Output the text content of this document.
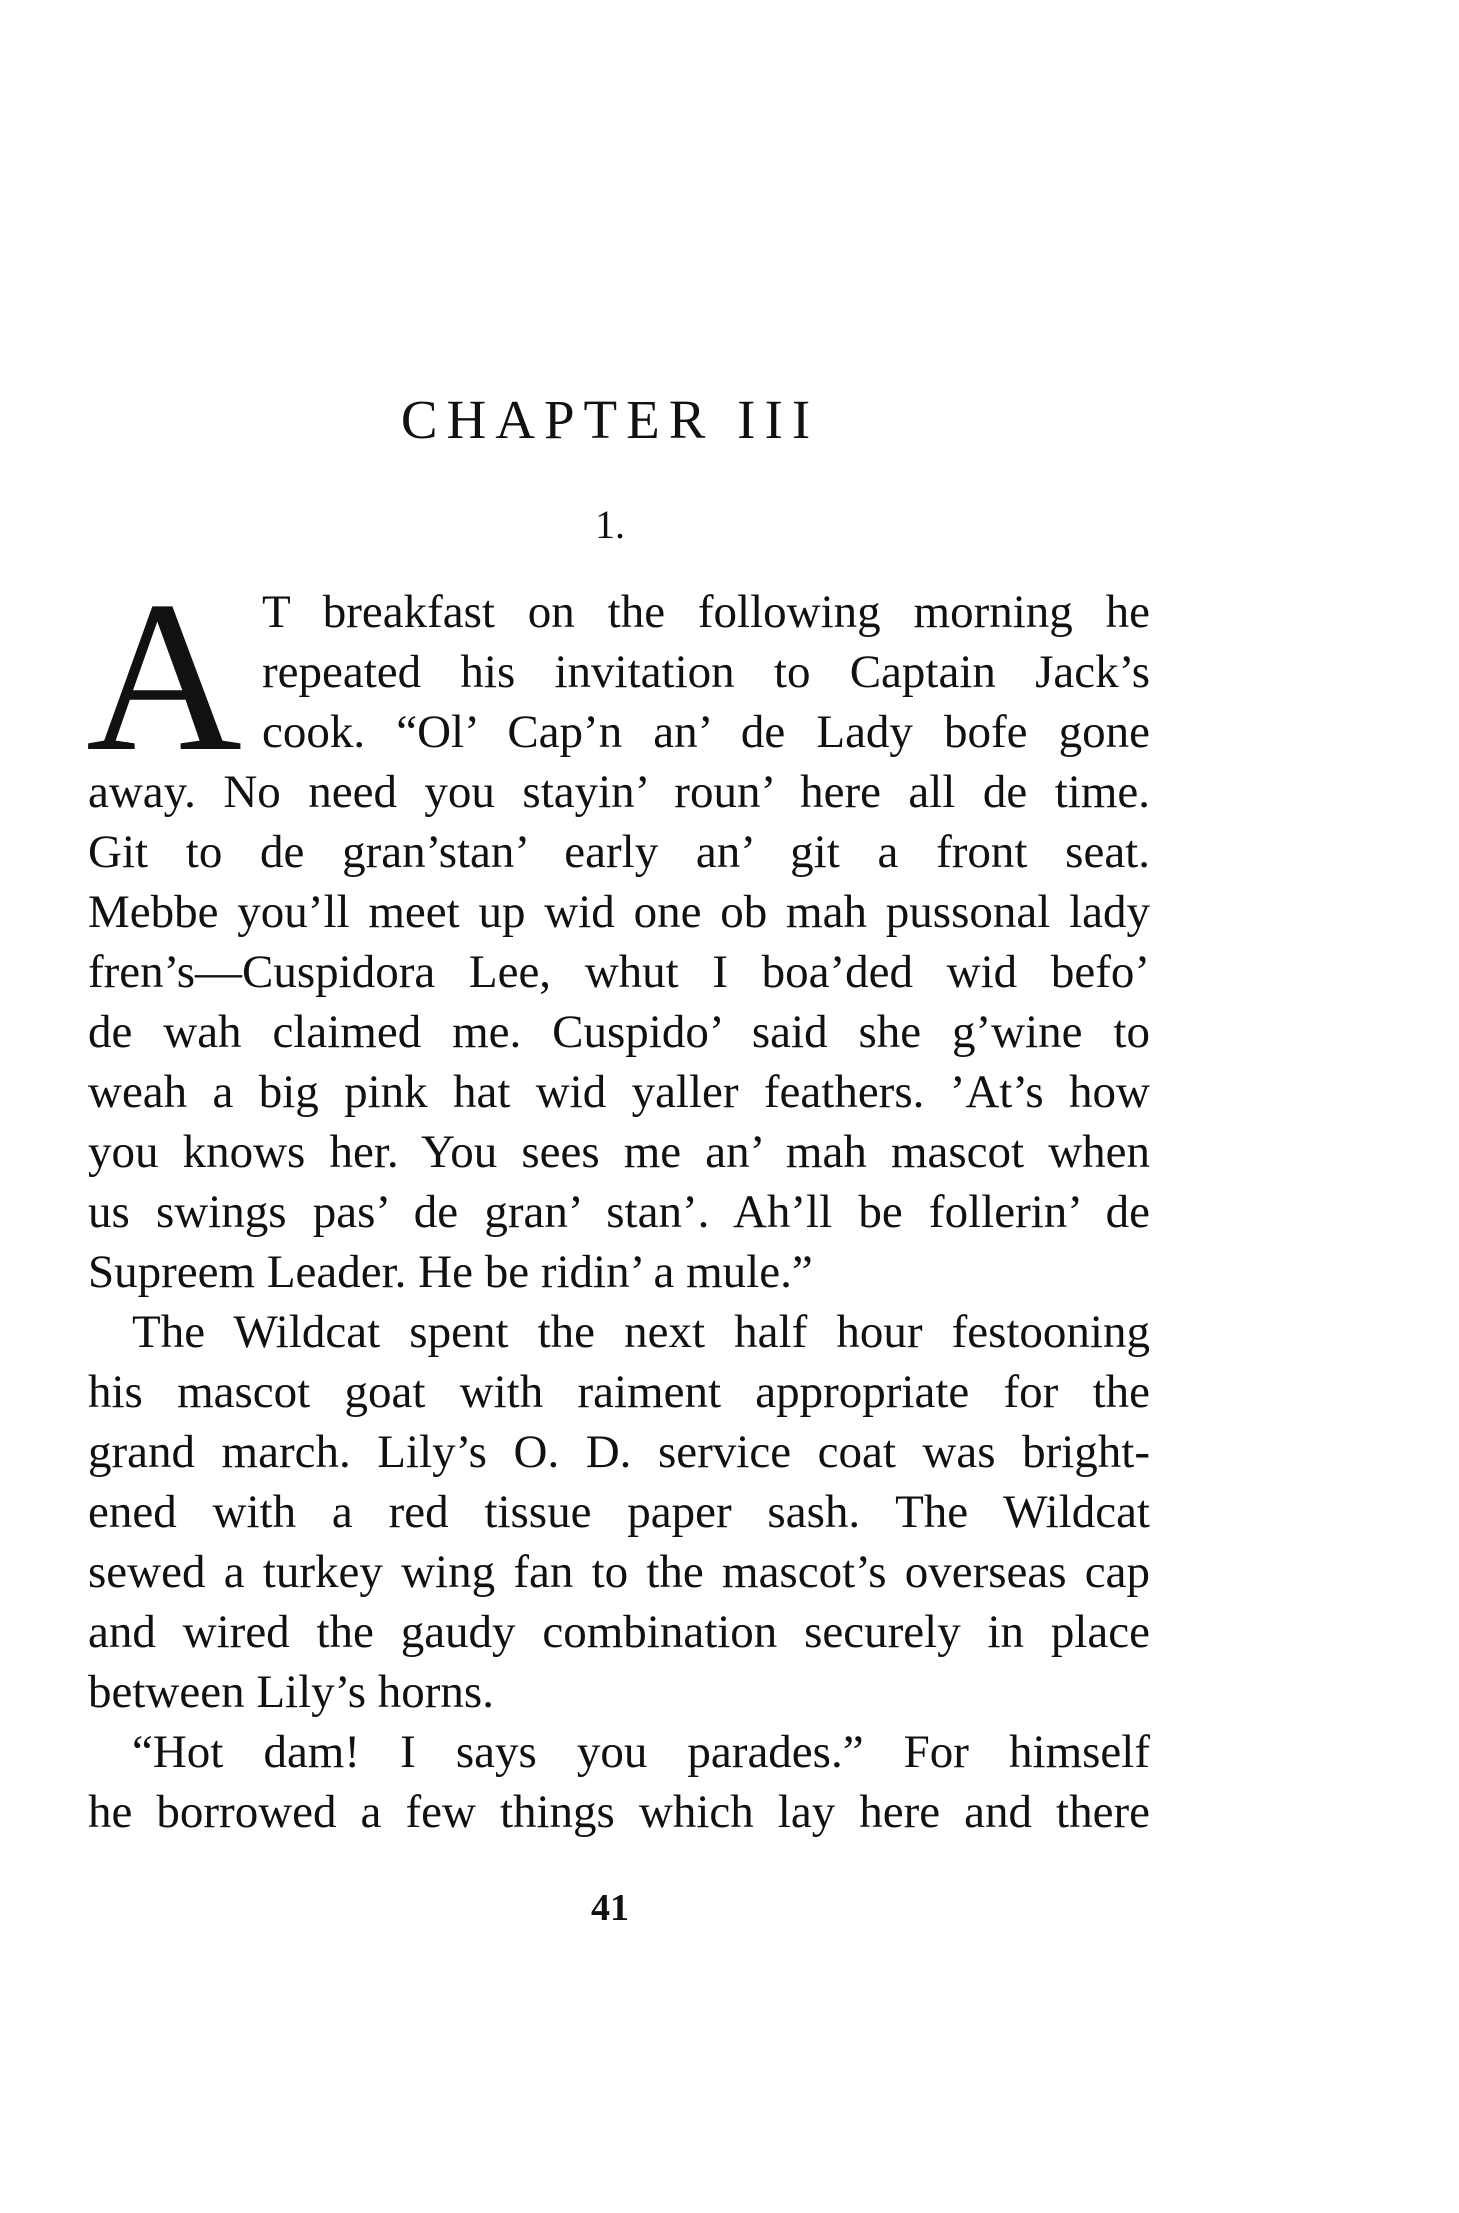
CHAPTER III
1.
A T breakfast on the following morning he
repeated his invitation to Captain Jack’s
cook. “Ol’ Cap’n an’ de Lady bofe gone
away. No need you stayin’ roun’ here all de time.
Git to de gran’stan’ early an’ git a front seat.
Mebbe you’ll meet up wid one ob mah pussonal lady
fren’s—Cuspidora Lee, whut I boa’ded wid befo’
de wah claimed me. Cuspido’ said she g’wine to
weah a big pink hat wid yaller feathers. ’At’s how
you knows her. You sees me an’ mah mascot when
us swings pas’ de gran’ stan’. Ah’ll be follerin’ de
Supreem Leader. He be ridin’ a mule.”
The Wildcat spent the next half hour festooning
his mascot goat with raiment appropriate for the
grand march. Lily’s O. D. service coat was bright-
ened with a red tissue paper sash. The Wildcat
sewed a turkey wing fan to the mascot’s overseas cap
and wired the gaudy combination securely in place
between Lily’s horns.
“Hot dam! I says you parades.” For himself
he borrowed a few things which lay here and there
41
